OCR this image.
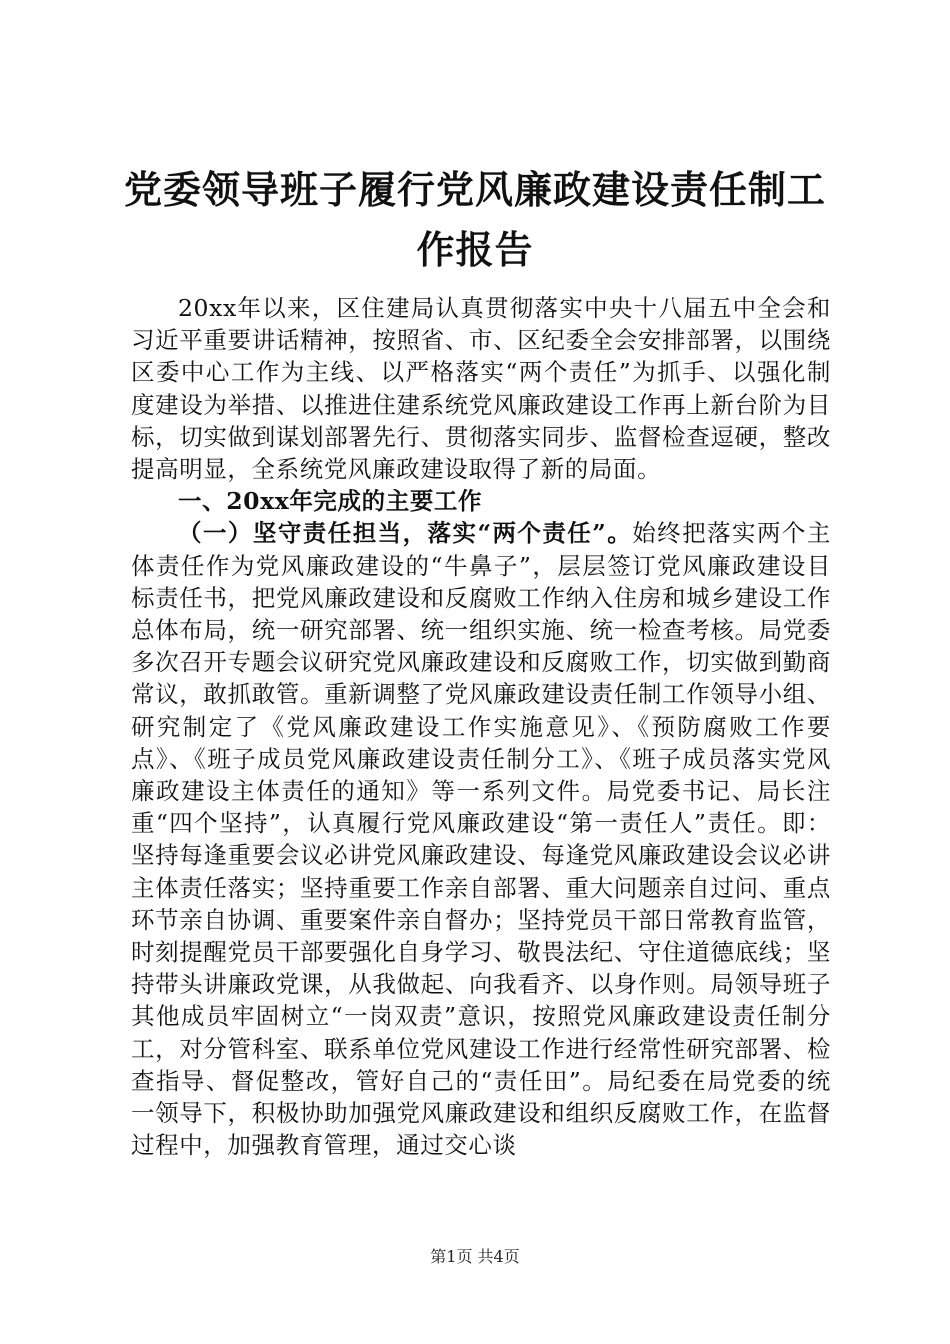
党委领导班子履行党风廉政建设责任制工作报告

20xx年以来，区住建局认真贯彻落实中央十八届五中全会和习近平重要讲话精神，按照省、市、区纪委全会安排部署，以围绕区委中心工作为主线、以严格落实“两个责任”为抓手、以强化制度建设为举措、以推进住建系统党风廉政建设工作再上新台阶为目标，切实做到谋划部署先行、贯彻落实同步、监督检查逗硬，整改提高明显，全系统党风廉政建设取得了新的局面。

一、20xx年完成的主要工作

（一）坚守责任担当，落实“两个责任”。始终把落实两个主体责任作为党风廉政建设的“牛鼻子”，层层签订党风廉政建设目标责任书，把党风廉政建设和反腐败工作纳入住房和城乡建设工作总体布局，统一研究部署、统一组织实施、统一检查考核。局党委多次召开专题会议研究党风廉政建设和反腐败工作，切实做到勤商常议，敢抓敢管。重新调整了党风廉政建设责任制工作领导小组、研究制定了《党风廉政建设工作实施意见》、《预防腐败工作要点》、《班子成员党风廉政建设责任制分工》、《班子成员落实党风廉政建设主体责任的通知》等一系列文件。局党委书记、局长注重“四个坚持”，认真履行党风廉政建设“第一责任人”责任。即：坚持每逢重要会议必讲党风廉政建设、每逢党风廉政建设会议必讲主体责任落实；坚持重要工作亲自部署、重大问题亲自过问、重点环节亲自协调、重要案件亲自督办；坚持党员干部日常教育监管，时刻提醒党员干部要强化自身学习、敬畏法纪、守住道德底线；坚持带头讲廉政党课，从我做起、向我看齐、以身作则。局领导班子其他成员牢固树立“一岗双责”意识，按照党风廉政建设责任制分工，对分管科室、联系单位党风建设工作进行经常性研究部署、检查指导、督促整改，管好自己的“责任田”。局纪委在局党委的统一领导下，积极协助加强党风廉政建设和组织反腐败工作，在监督过程中，加强教育管理，通过交心谈

第1页 共4页
